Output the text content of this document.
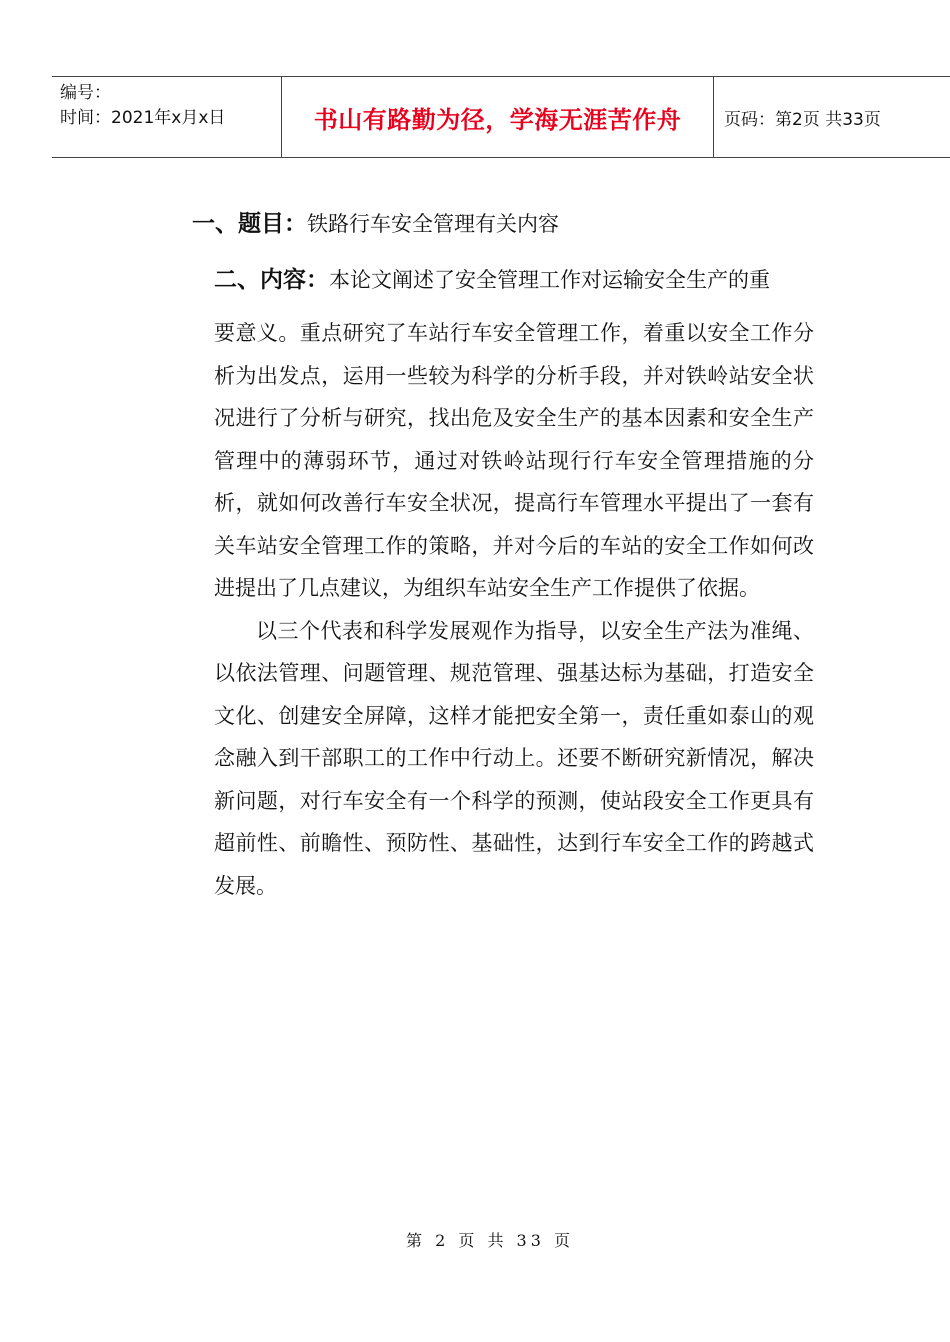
编号：
时间：2021年x月x日	书山有路勤为径，学海无涯苦作舟	页码：第2页 共33页
一、题目：铁路行车安全管理有关内容
二、内容：本论文阐述了安全管理工作对运输安全生产的重

要意义。重点研究了车站行车安全管理工作，着重以安全工作分析为出发点，运用一些较为科学的分析手段，并对铁岭站安全状况进行了分析与研究，找出危及安全生产的基本因素和安全生产管理中的薄弱环节，通过对铁岭站现行行车安全管理措施的分析，就如何改善行车安全状况，提高行车管理水平提出了一套有关车站安全管理工作的策略，并对今后的车站的安全工作如何改进提出了几点建议，为组织车站安全生产工作提供了依据。

以三个代表和科学发展观作为指导，以安全生产法为准绳、以依法管理、问题管理、规范管理、强基达标为基础，打造安全文化、创建安全屏障，这样才能把安全第一，责任重如泰山的观念融入到干部职工的工作中行动上。还要不断研究新情况，解决新问题，对行车安全有一个科学的预测，使站段安全工作更具有超前性、前瞻性、预防性、基础性，达到行车安全工作的跨越式发展。

第 2 页 共 33 页
